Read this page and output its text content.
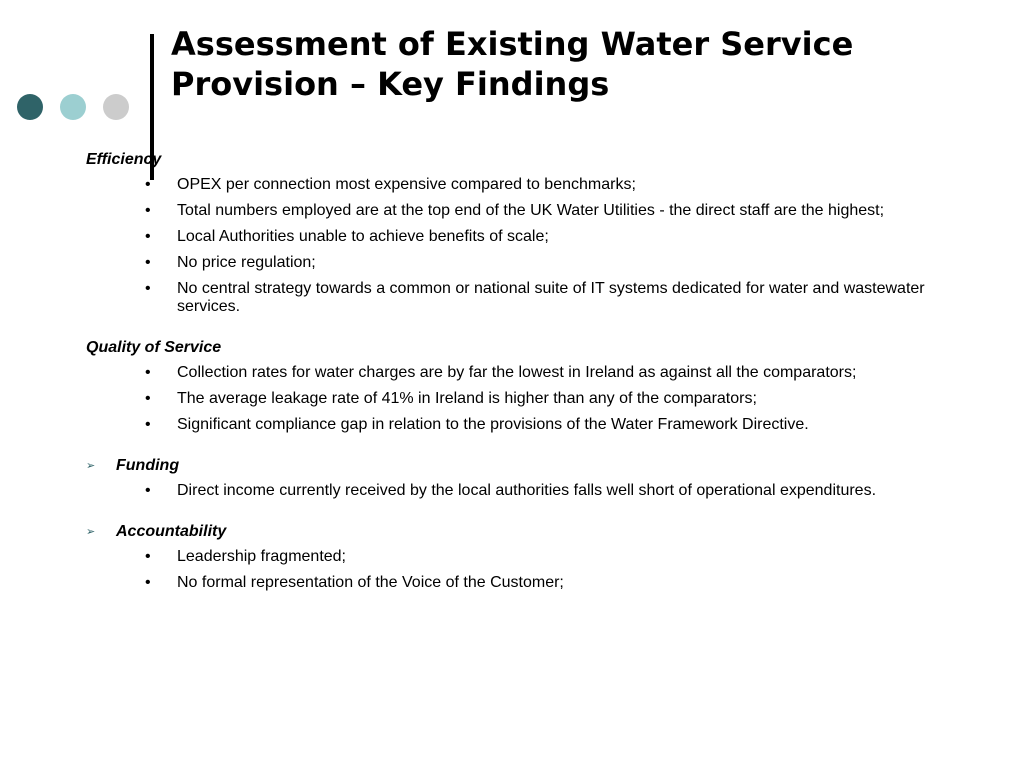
Assessment of Existing Water Service
Provision – Key Findings
Efficiency
• OPEX per connection most expensive compared to benchmarks;
• Total numbers employed are at the top end of the UK Water Utilities - the direct staff are the highest;
• Local Authorities unable to achieve benefits of scale;
• No price regulation;
• No central strategy towards a common or national suite of IT systems dedicated for water and wastewater services.
Quality of Service
• Collection rates for water charges are by far the lowest in Ireland as against all the comparators;
• The average leakage rate of 41% in Ireland is higher than any of the comparators;
• Significant compliance gap in relation to the provisions of the Water Framework Directive.
➢ Funding
• Direct income currently received by the local authorities falls well short of operational expenditures.
➢ Accountability
• Leadership fragmented;
• No formal representation of the Voice of the Customer;
